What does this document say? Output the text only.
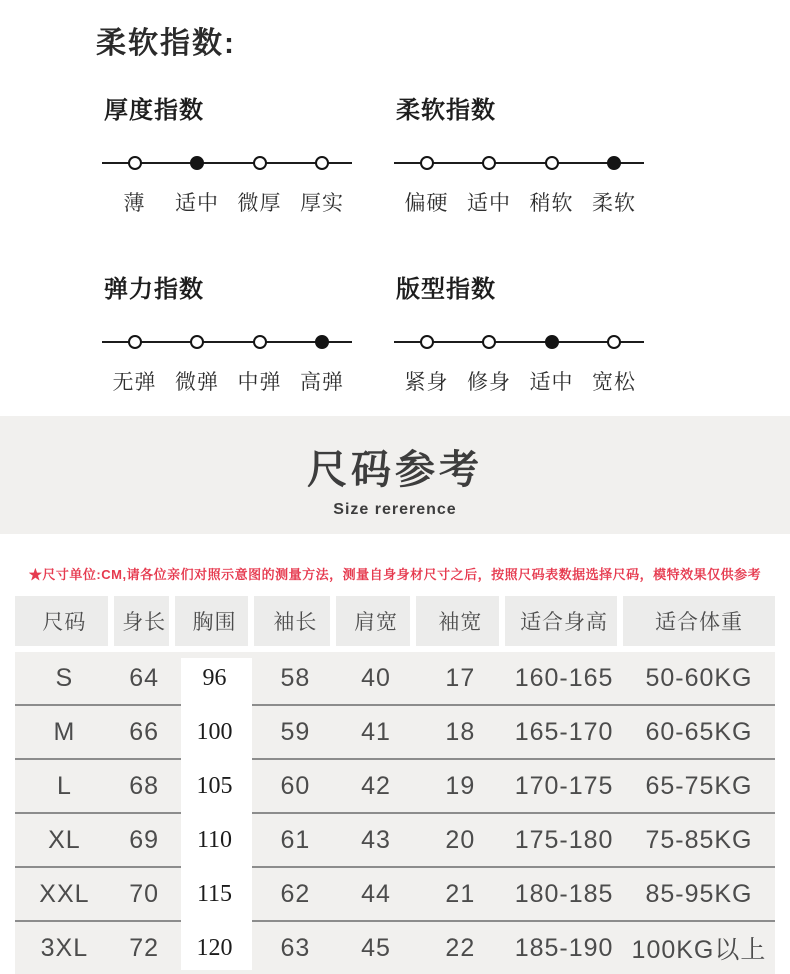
柔软指数:
厚度指数
薄 适中 微厚 厚实
柔软指数
偏硬 适中 稍软 柔软
弹力指数
无弹 微弹 中弹 高弹
版型指数
紧身 修身 适中 宽松
尺码参考
Size rererence
★尺寸单位:CM,请各位亲们对照示意图的测量方法，测量自身身材尺寸之后，按照尺码表数据选择尺码，模特效果仅供参考
尺码	身长	胸围	袖长	肩宽	袖宽	适合身高	适合体重
S 64 96 58 40 17 160-165 50-60KG
M 66 100 59 41 18 165-170 60-65KG
L 68 105 60 42 19 170-175 65-75KG
XL 69 110 61 43 20 175-180 75-85KG
XXL 70 115 62 44 21 180-185 85-95KG
3XL 72 120 63 45 22 185-190 100KG以上
